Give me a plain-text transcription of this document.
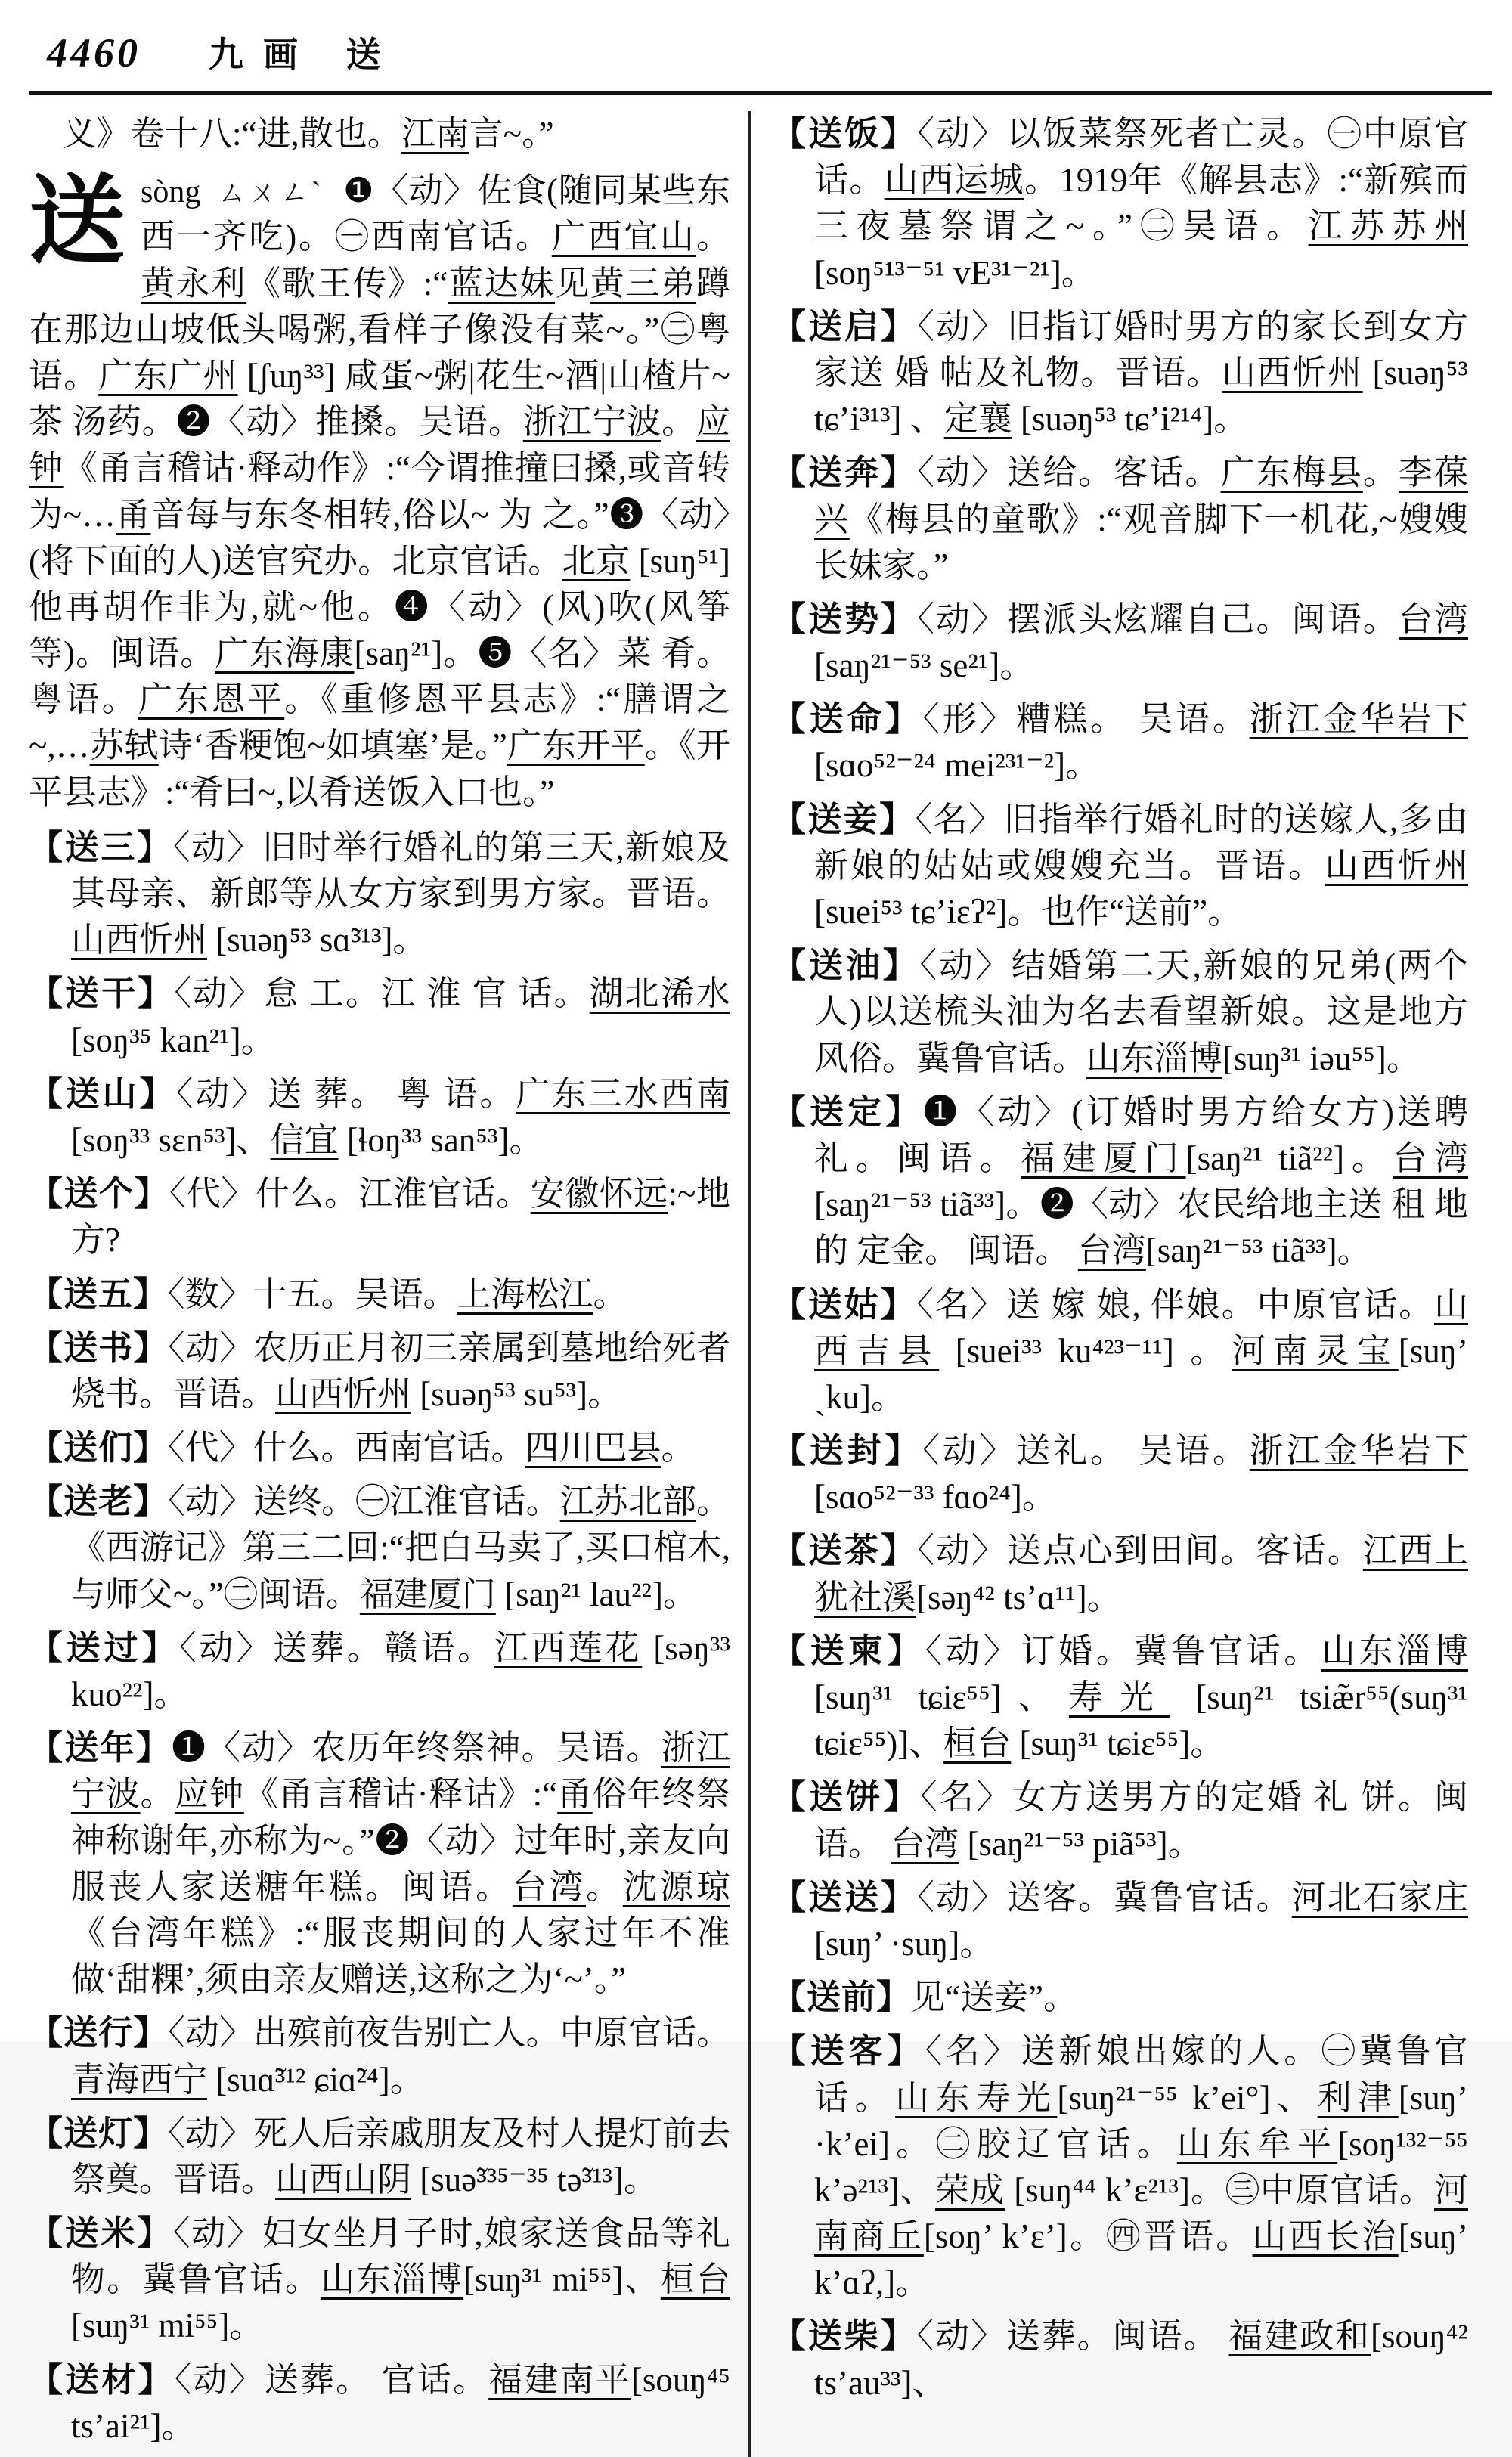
4460 九画 送

义》卷十八:“进,散也。江南言~。”

送 sòng ㄙㄨㄥˋ ❶〈动〉佐食(随同某些东西一齐吃)。㊀西南官话。广西宜山。黄永利《歌王传》:“蓝达妹见黄三弟蹲在那边山坡低头喝粥,看样子像没有菜~。”㊁粤语。广东广州 [ʃuŋ³³] 咸蛋~粥|花生~酒|山楂片~茶 汤药。❷〈动〉推搡。吴语。浙江宁波。应钟《甬言稽诂·释动作》:“今谓推撞曰搡,或音转为~…甬音每与东冬相转,俗以~ 为 之。”❸〈动〉(将下面的人)送官究办。北京官话。北京 [suŋ⁵¹] 他再胡作非为,就~他。❹〈动〉(风)吹(风筝等)。闽语。广东海康[saŋ²¹]。❺〈名〉菜 肴。粤语。广东恩平。《重修恩平县志》:“膳谓之~,…苏轼诗‘香粳饱~如填塞’是。”广东开平。《开平县志》:“肴曰~,以肴送饭入口也。”

【送三】〈动〉旧时举行婚礼的第三天,新娘及其母亲、新郎等从女方家到男方家。晋语。山西忻州 [suəŋ⁵³ sɑ̃³¹³]。

【送干】〈动〉怠 工。江 淮 官 话。湖北浠水 [soŋ³⁵ kan²¹]。

【送山】〈动〉送 葬。 粤 语。广东三水西南 [soŋ³³ sɛn⁵³]、信宜 [ɬoŋ³³ san⁵³]。

【送个】〈代〉什么。江淮官话。安徽怀远:~地方?

【送五】〈数〉十五。吴语。上海松江。

【送书】〈动〉农历正月初三亲属到墓地给死者烧书。晋语。山西忻州 [suəŋ⁵³ su⁵³]。

【送们】〈代〉什么。西南官话。四川巴县。

【送老】〈动〉送终。㊀江淮官话。江苏北部。《西游记》第三二回:“把白马卖了,买口棺木,与师父~。”㊁闽语。福建厦门 [saŋ²¹ lau²²]。

【送过】〈动〉送葬。赣语。江西莲花 [səŋ³³ kuo²²]。

【送年】❶〈动〉农历年终祭神。吴语。浙江宁波。应钟《甬言稽诂·释诂》:“甬俗年终祭神称谢年,亦称为~。”❷〈动〉过年时,亲友向服丧人家送糖年糕。闽语。台湾。沈源琼《台湾年糕》:“服丧期间的人家过年不准做‘甜粿’,须由亲友赠送,这称之为‘~’。”

【送行】〈动〉出殡前夜告别亡人。中原官话。青海西宁 [suɑ̃³¹² ɕiɑ̃²⁴]。

【送灯】〈动〉死人后亲戚朋友及村人提灯前去祭奠。晋语。山西山阴 [suə̃³³⁵⁻³⁵ tə̃³¹³]。

【送米】〈动〉妇女坐月子时,娘家送食品等礼物。冀鲁官话。山东淄博[suŋ³¹ mi⁵⁵]、桓台[suŋ³¹ mi⁵⁵]。

【送材】〈动〉送葬。 官话。福建南平[souŋ⁴⁵ ts’ai²¹]。

【送饭】〈动〉以饭菜祭死者亡灵。㊀中原官话。山西运城。1919年《解县志》:“新殡而三夜墓祭谓之~。”㊁吴语。江苏苏州[soŋ⁵¹³⁻⁵¹ vE³¹⁻²¹]。

【送启】〈动〉旧指订婚时男方的家长到女方家送 婚 帖及礼物。晋语。山西忻州 [suəŋ⁵³ tɕ’i³¹³] 、定襄 [suəŋ⁵³ tɕ’i²¹⁴]。

【送奔】〈动〉送给。客话。广东梅县。李葆兴《梅县的童歌》:“观音脚下一机花,~嫂嫂长妹家。”

【送势】〈动〉摆派头炫耀自己。闽语。台湾 [saŋ²¹⁻⁵³ se²¹]。

【送命】〈形〉糟糕。 吴语。浙江金华岩下 [sɑo⁵²⁻²⁴ mei²³¹⁻²]。

【送妾】〈名〉旧指举行婚礼时的送嫁人,多由新娘的姑姑或嫂嫂充当。晋语。山西忻州[suei⁵³ tɕ’iɛʔ²]。也作“送前”。

【送油】〈动〉结婚第二天,新娘的兄弟(两个人)以送梳头油为名去看望新娘。这是地方风俗。冀鲁官话。山东淄博[suŋ³¹ iəu⁵⁵]。

【送定】❶〈动〉(订婚时男方给女方)送聘礼。闽语。福建厦门[saŋ²¹ tiã²²]。台湾[saŋ²¹⁻⁵³ tiã³³]。❷〈动〉农民给地主送 租 地 的 定金。 闽语。 台湾[saŋ²¹⁻⁵³ tiã³³]。

【送姑】〈名〉送 嫁 娘, 伴娘。中原官话。山西吉县 [suei³³ ku⁴²³⁻¹¹] 。河南灵宝[suŋ’ ˎku]。

【送封】〈动〉送礼。 吴语。浙江金华岩下 [sɑo⁵²⁻³³ fɑo²⁴]。

【送茶】〈动〉送点心到田间。客话。江西上犹社溪[səŋ⁴² ts’ɑ¹¹]。

【送柬】〈动〉订婚。冀鲁官话。山东淄博[suŋ³¹ tɕiɛ⁵⁵]、寿光 [suŋ²¹ tsiæ̃r⁵⁵(suŋ³¹ tɕiɛ⁵⁵)]、桓台 [suŋ³¹ tɕiɛ⁵⁵]。

【送饼】〈名〉女方送男方的定婚 礼 饼。闽语。 台湾 [saŋ²¹⁻⁵³ piã⁵³]。

【送送】〈动〉送客。冀鲁官话。河北石家庄[suŋ’ ·suŋ]。

【送前】见“送妾”。

【送客】〈名〉送新娘出嫁的人。㊀冀鲁官话。山东寿光[suŋ²¹⁻⁵⁵ k’ei°]、利津[suŋ’ ·k’ei]。㊁胶辽官话。山东牟平[soŋ¹³²⁻⁵⁵ k’ə²¹³]、荣成 [suŋ⁴⁴ k’ɛ²¹³]。㊂中原官话。河南商丘[soŋ’ k’ɛ’]。㊃晋语。山西长治[suŋ’ k’ɑʔ,]。

【送柴】〈动〉送葬。闽语。 福建政和[souŋ⁴² ts’au³³]、
